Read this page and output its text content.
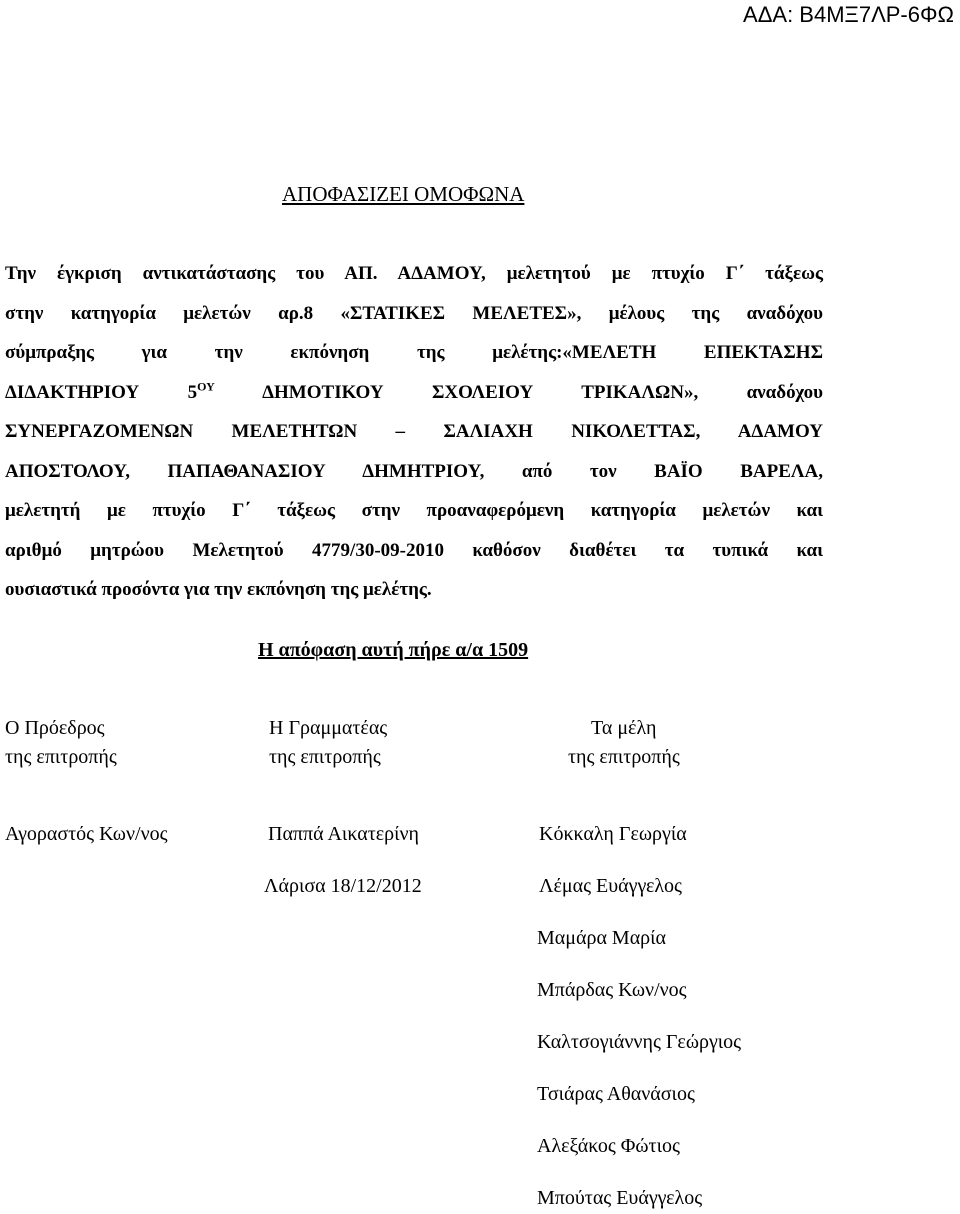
ΑΔΑ: Β4ΜΞ7ΛΡ-6ΦΩ
ΑΠΟΦΑΣΙΖΕΙ ΟΜΟΦΩΝΑ

Την έγκριση αντικατάστασης του ΑΠ. ΑΔΑΜΟΥ, μελετητού με πτυχίο Γ΄ τάξεως
στην κατηγορία μελετών αρ.8 «ΣΤΑΤΙΚΕΣ ΜΕΛΕΤΕΣ», μέλους της αναδόχου
σύμπραξης για την εκπόνηση της μελέτης:«ΜΕΛΕΤΗ ΕΠΕΚΤΑΣΗΣ
ΔΙΔΑΚΤΗΡΙΟΥ $5^{O\Upsilon}$ ΔΗΜΟΤΙΚΟΥ ΣΧΟΛΕΙΟΥ ΤΡΙΚΑΛΩΝ», αναδόχου
ΣΥΝΕΡΓΑΖΟΜΕΝΩΝ ΜΕΛΕΤΗΤΩΝ – ΣΑΛΙΑΧΗ ΝΙΚΟΛΕΤΤΑΣ, ΑΔΑΜΟΥ
ΑΠΟΣΤΟΛΟΥ, ΠΑΠΑΘΑΝΑΣΙΟΥ ΔΗΜΗΤΡΙΟΥ, από τον ΒΑΪΟ ΒΑΡΕΛΑ,
μελετητή με πτυχίο Γ΄ τάξεως στην προαναφερόμενη κατηγορία μελετών και
αριθμό μητρώου Μελετητού 4779/30-09-2010 καθόσον διαθέτει τα τυπικά και
ουσιαστικά προσόντα για την εκπόνηση της μελέτης.

Η απόφαση αυτή πήρε α/α 1509
Ο Πρόεδρος
της επιτροπής
Η Γραμματέας
της επιτροπής
Τα μέλη
της επιτροπής
Αγοραστός Κων/νος	Παππά Αικατερίνη
Λάρισα 18/12/2012
Κόκκαλη Γεωργία
Λέμας Ευάγγελος
Μαμάρα Μαρία
Μπάρδας Κων/νος
Καλτσογιάννης Γεώργιος
Τσιάρας Αθανάσιος
Αλεξάκος Φώτιος
Μπούτας Ευάγγελος
